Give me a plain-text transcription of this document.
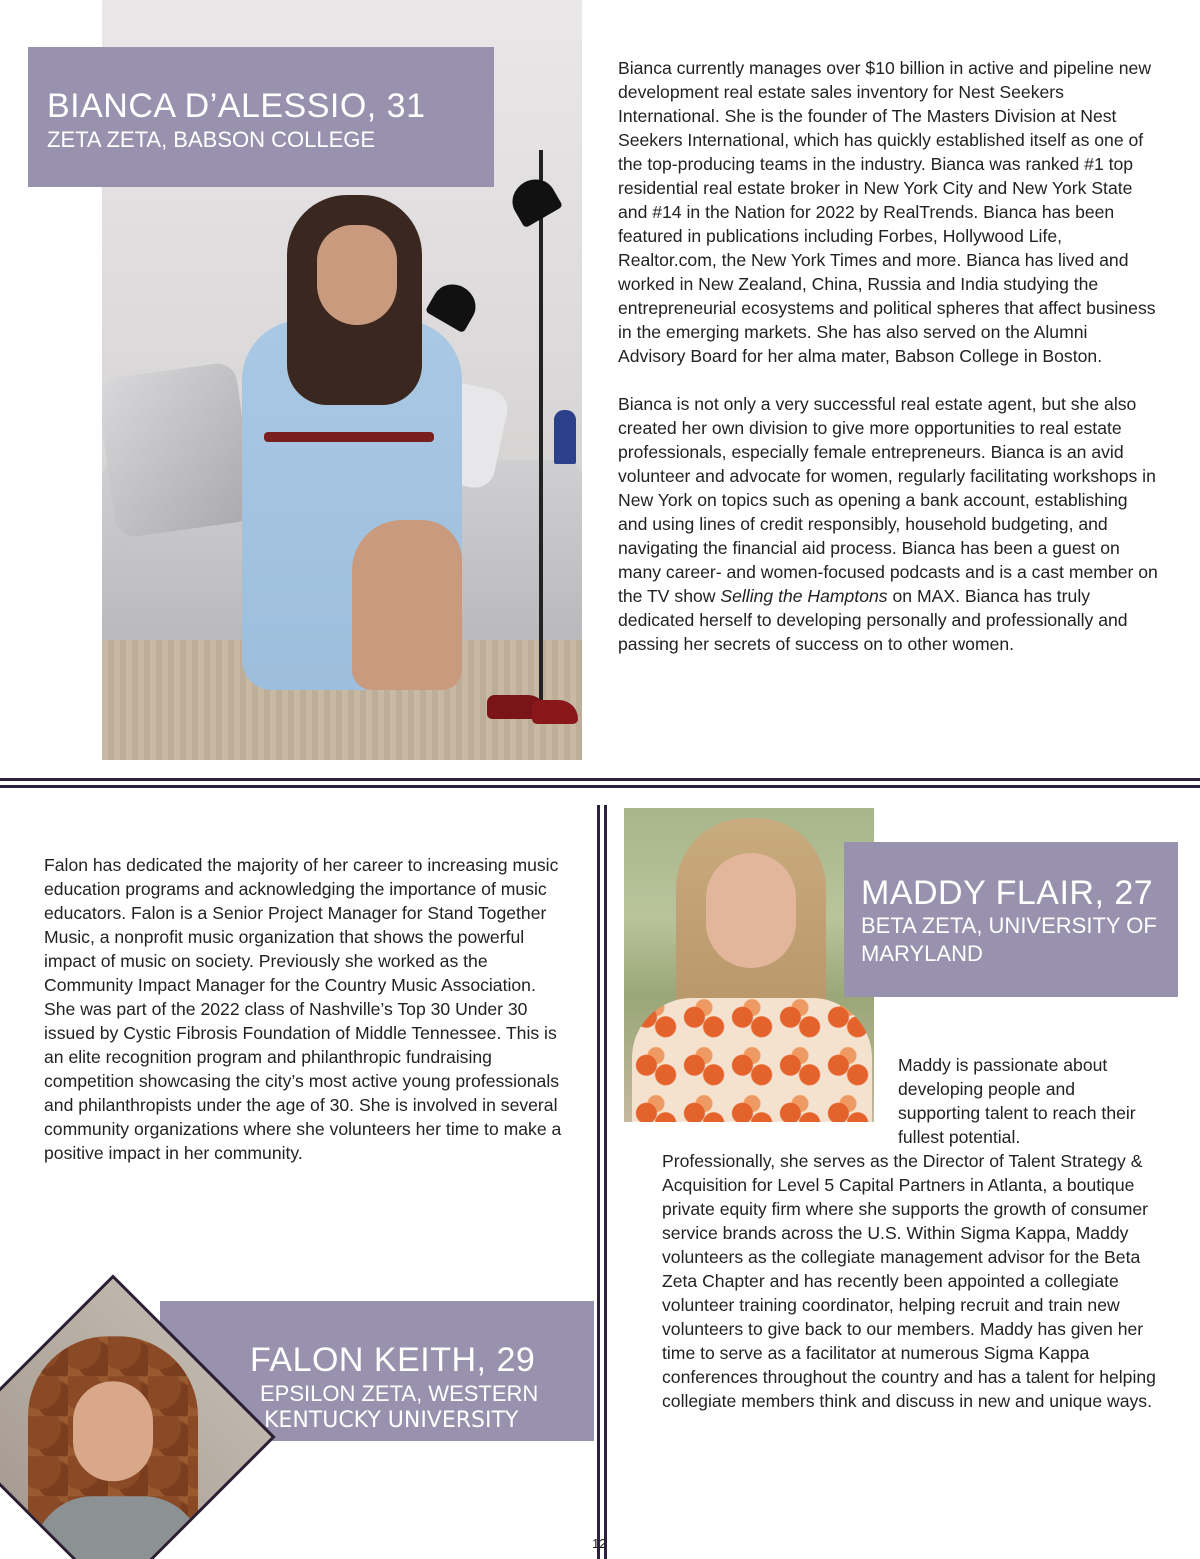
BIANCA D’ALESSIO, 31
ZETA ZETA, BABSON COLLEGE

Bianca currently manages over $10 billion in active and pipeline new development real estate sales inventory for Nest Seekers International. She is the founder of The Masters Division at Nest Seekers International, which has quickly established itself as one of the top-producing teams in the industry. Bianca was ranked #1 top residential real estate broker in New York City and New York State and #14 in the Nation for 2022 by RealTrends. Bianca has been featured in publications including Forbes, Hollywood Life, Realtor.com, the New York Times and more. Bianca has lived and worked in New Zealand, China, Russia and India studying the entrepreneurial ecosystems and political spheres that affect business in the emerging markets. She has also served on the Alumni Advisory Board for her alma mater, Babson College in Boston.

Bianca is not only a very successful real estate agent, but she also created her own division to give more opportunities to real estate professionals, especially female entrepreneurs. Bianca is an avid volunteer and advocate for women, regularly facilitating workshops in New York on topics such as opening a bank account, establishing and using lines of credit responsibly, household budgeting, and navigating the financial aid process. Bianca has been a guest on many career- and women-focused podcasts and is a cast member on the TV show Selling the Hamptons on MAX. Bianca has truly dedicated herself to developing personally and professionally and passing her secrets of success on to other women.

Falon has dedicated the majority of her career to increasing music education programs and acknowledging the importance of music educators. Falon is a Senior Project Manager for Stand Together Music, a nonprofit music organization that shows the powerful impact of music on society. Previously she worked as the Community Impact Manager for the Country Music Association. She was part of the 2022 class of Nashville’s Top 30 Under 30 issued by Cystic Fibrosis Foundation of Middle Tennessee. This is an elite recognition program and philanthropic fundraising competition showcasing the city’s most active young professionals and philanthropists under the age of 30. She is involved in several community organizations where she volunteers her time to make a positive impact in her community.
FALON KEITH, 29
EPSILON ZETA, WESTERN
KENTUCKY UNIVERSITY
MADDY FLAIR, 27
BETA ZETA, UNIVERSITY OF MARYLAND
Maddy is passionate about developing people and supporting talent to reach their fullest potential.
Professionally, she serves as the Director of Talent Strategy & Acquisition for Level 5 Capital Partners in Atlanta, a boutique private equity firm where she supports the growth of consumer service brands across the U.S. Within Sigma Kappa, Maddy volunteers as the collegiate management advisor for the Beta Zeta Chapter and has recently been appointed a collegiate volunteer training coordinator, helping recruit and train new volunteers to give back to our members. Maddy has given her time to serve as a facilitator at numerous Sigma Kappa conferences throughout the country and has a talent for helping collegiate members think and discuss in new and unique ways.
12
